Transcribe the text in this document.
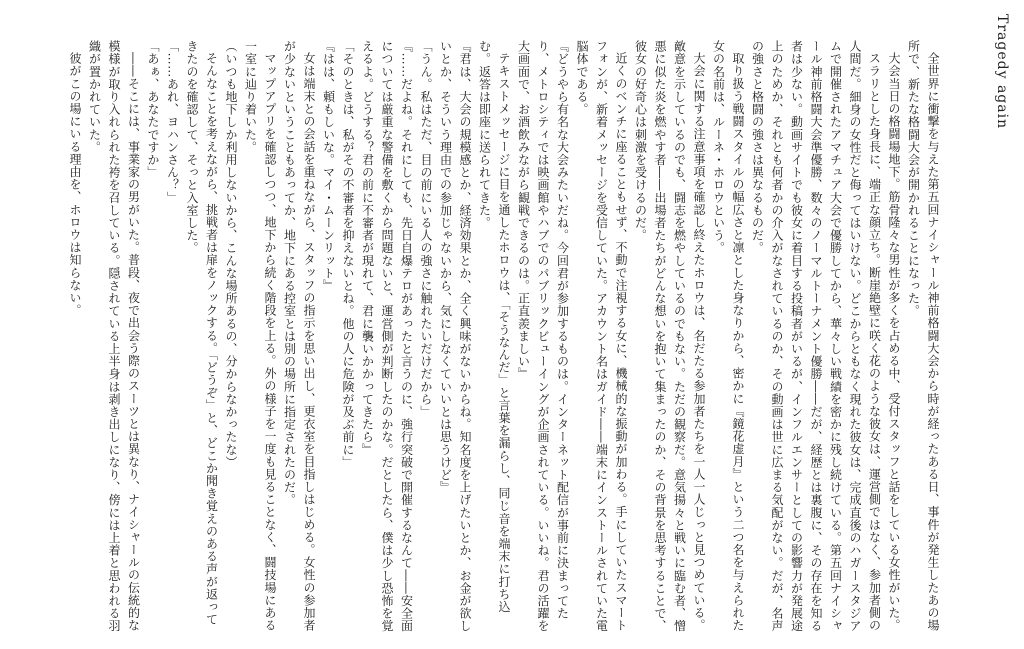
Tragedy again

全世界に衝撃を与えた第五回ナイシャール神前格闘大会から時が経ったある日、事件が発生したあの場所で、新たな格闘大会が開かれることになった。

大会当日の格闘場地下。筋骨隆々な男性が多くを占める中、受付スタッフと話をしている女性がいた。

スラリとした身長に、端正な顔立ち。断崖絶壁に咲く花のような彼女は、運営側ではなく、参加者側の人間だ。細身の女性だと侮ってはいけない。どこからともなく現れた彼女は、完成直後のハガースタジアムで開催されたアマチュア大会で優勝してから、華々しい戦績を密かに残し続けている。第五回ナイシャール神前格闘大会準優勝、数々のノーマルトーナメント優勝――だが、経歴とは裏腹に、その存在を知る者は少ない。動画サイトでも彼女に着目する投稿者がいるが、インフルエンサーとしての影響力が発展途上のためか、それとも何者かの介入がなされているのか、その動画は世に広まる気配がない。だが、名声の強さと格闘の強さは異なるものだ。

取り扱う戦闘スタイルの幅広さと凛とした身なりから、密かに『鏡花虚月』という二つ名を与えられた女の名前は、ルーネ・ホロウという。

大会に関する注意事項を確認し終えたホロウは、名だたる参加者たちを一人一人じっと見つめている。敵意を示しているのでも、闘志を燃やしているのでもない。ただの観察だ。意気揚々と戦いに臨む者、憎悪に似た炎を燃やす者――出場者たちがどんな想いを抱いて集まったのか、その背景を思考することで、彼女の好奇心は刺激を受けるのだ。

近くのベンチに座ることもせず、不動で注視する女に、機械的な振動が加わる。手にしていたスマートフォンが、新着メッセージを受信していた。アカウント名はガイド――端末にインストールされていた電脳体である。

『どうやら有名な大会みたいだね。今回君が参加するものは。インターネット配信が事前に決まってたり、メトロシティでは映画館やハブでのパブリックビューイングが企画されている。いいね。君の活躍を大画面で、お酒飲みながら観戦できるのは。正直羨ましい』

テキストメッセージに目を通したホロウは、「そうなんだ」と言葉を漏らし、同じ音を端末に打ち込む。返答は即座に送られてきた。

『君は、大会の規模感とか、経済効果とか、全く興味がないからね。知名度を上げたいとか、お金が欲しいとか、そういう理由での参加じゃないから、気にしなくていいとは思うけど』

「うん。私はただ、目の前にいる人の強さに触れたいだけだから」

『……だよね。それにしても、先日自爆テロがあったと言うのに、強行突破で開催するなんて――安全面については厳重な警備を敷くから問題ないと、運営側が判断したのかな。だとしたら、僕は少し恐怖を覚えるよ。どうする？君の前に不審者が現れて、君に襲いかかってきたら』

「そのときは、私がその不審者を抑えないとね。他の人に危険が及ぶ前に」

『はは、頼もしいな。マイ・ムーンリット』

女は端末との会話を重ねながら、スタッフの指示を思い出し、更衣室を目指しはじめる。女性の参加者が少ないということもあってか、地下にある控室とは別の場所に指定されたのだ。

マップアプリを確認しつつ、地下から続く階段を上る。外の様子を一度も見ることなく、闘技場にある一室に辿り着いた。

（いつも地下しか利用しないから、こんな場所あるの、分からなかったな）

そんなことを考えながら、挑戦者は扉をノックする。「どうぞ」と、どこか聞き覚えのある声が返ってきたのを確認して、そっと入室した。

「……あれ、ヨハンさん？」

「あぁ、あなたですか」

――そこには、事業家の男がいた。普段、夜で出会う際のスーツとは異なり、ナイシャールの伝統的な模様が取り入れられた袴を召している。隠されている上半身は剥き出しになり、傍には上着と思われる羽織が置かれていた。

彼がこの場にいる理由を、ホロウは知らない。
